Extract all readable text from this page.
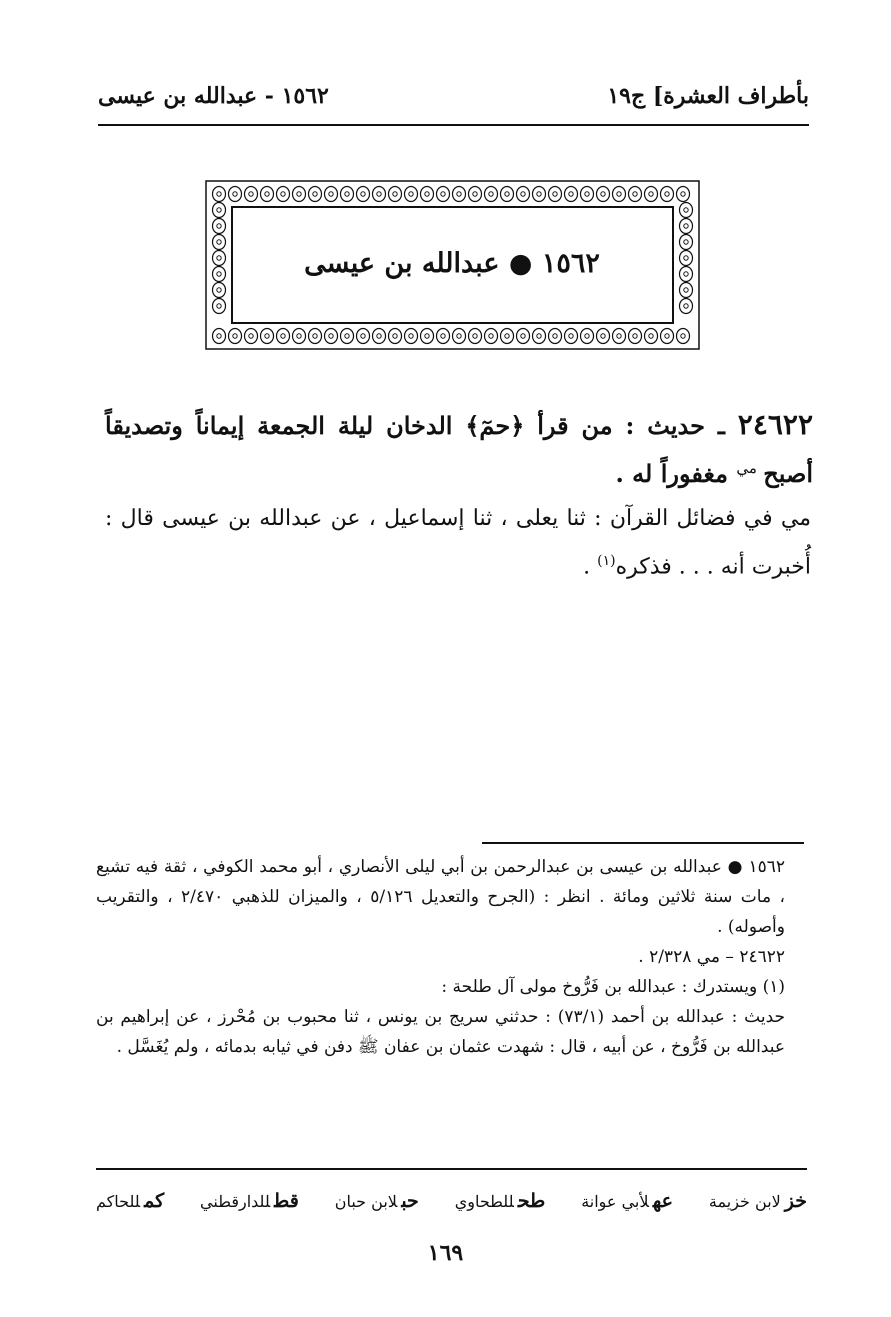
بأطراف العشرة] ج١٩
١٥٦٢ - عبدالله بن عيسى
١٥٦٢ ● عبدالله بن عيسى
٢٤٦٢٢ ـ حديث : من قرأ ﴿حمٓ﴾ الدخان ليلة الجمعة إيماناً وتصديقاً أصبح $^{مي}$ مغفوراً له .
مي في فضائل القرآن : ثنا يعلى ، ثنا إسماعيل ، عن عبدالله بن عيسى قال : أُخبرت أنه . . . فذكره$^{(١)}$ .

١٥٦٢ ● عبدالله بن عيسى بن عبدالرحمن بن أبي ليلى الأنصاري ، أبو محمد الكوفي ، ثقة فيه تشيع ، مات سنة ثلاثين ومائة . انظر : (الجرح والتعديل ٥/١٢٦ ، والميزان للذهبي ٢/٤٧٠ ، والتقريب وأصوله) .

٢٤٦٢٢ – مي ٢/٣٢٨ .

(١) ويستدرك : عبدالله بن فَرُّوخ مولى آل طلحة :

حديث : عبدالله بن أحمد (٧٣/١) : حدثني سريج بن يونس ، ثنا محبوب بن مُحْرز ، عن إبراهيم بن عبدالله بن فَرُّوخ ، عن أبيه ، قال : شهدت عثمان بن عفان ﷺ دفن في ثيابه بدمائه ، ولم يُغَسَّل .

خزلابن خزيمة
عهلأبي عوانة
طحللطحاوي
حبلابن حبان
قطللدارقطني
كمللحاكم
١٦٩
